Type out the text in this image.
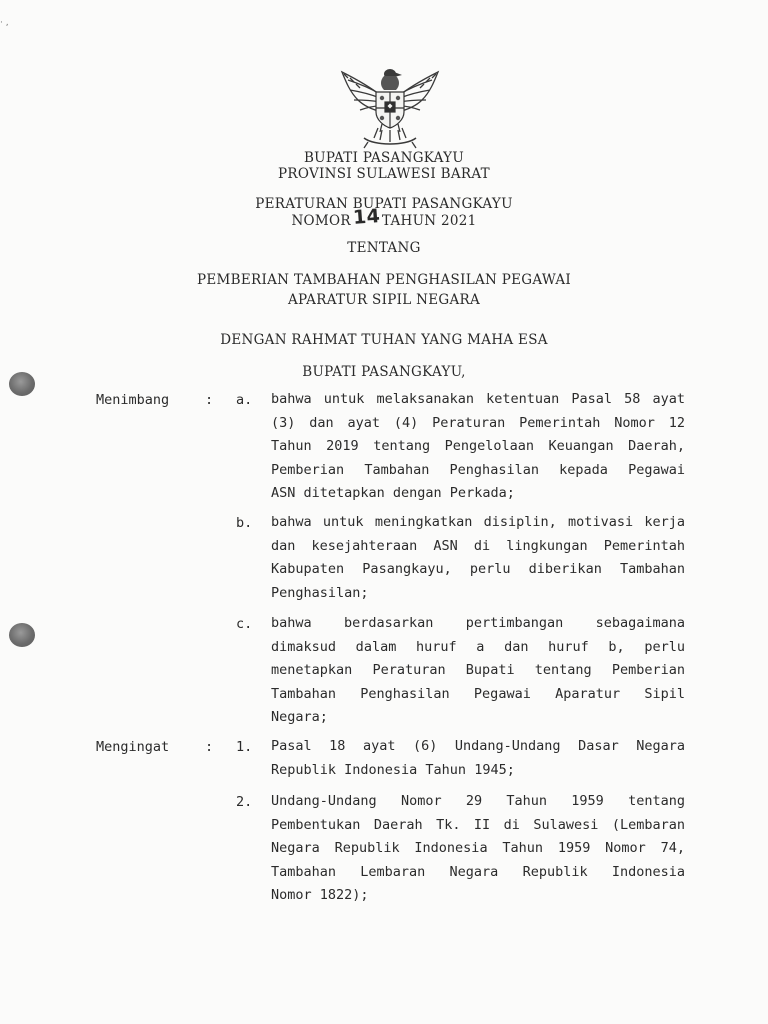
· ,
BUPATI PASANGKAYU
PROVINSI SULAWESI BARAT
PERATURAN BUPATI PASANGKAYU
NOMOR14TAHUN 2021
TENTANG
PEMBERIAN TAMBAHAN PENGHASILAN PEGAWAI
APARATUR SIPIL NEGARA
DENGAN RAHMAT TUHAN YANG MAHA ESA
BUPATI PASANGKAYU,
Menimbang	: a. bahwa untuk melaksanakan ketentuan Pasal 58 ayat
(3) dan ayat (4) Peraturan Pemerintah Nomor 12
Tahun 2019 tentang Pengelolaan Keuangan Daerah,
Pemberian Tambahan Penghasilan kepada Pegawai
ASN ditetapkan dengan Perkada;
b. bahwa untuk meningkatkan disiplin, motivasi kerja
dan kesejahteraan ASN di lingkungan Pemerintah
Kabupaten Pasangkayu, perlu diberikan Tambahan
Penghasilan;
c. bahwa berdasarkan pertimbangan sebagaimana
dimaksud dalam huruf a dan huruf b, perlu
menetapkan Peraturan Bupati tentang Pemberian
Tambahan Penghasilan Pegawai Aparatur Sipil
Negara;
Mengingat	: 1. Pasal 18 ayat (6) Undang-Undang Dasar Negara
Republik Indonesia Tahun 1945;
2. Undang-Undang Nomor 29 Tahun 1959 tentang
Pembentukan Daerah Tk. II di Sulawesi (Lembaran
Negara Republik Indonesia Tahun 1959 Nomor 74,
Tambahan Lembaran Negara Republik Indonesia
Nomor 1822);
